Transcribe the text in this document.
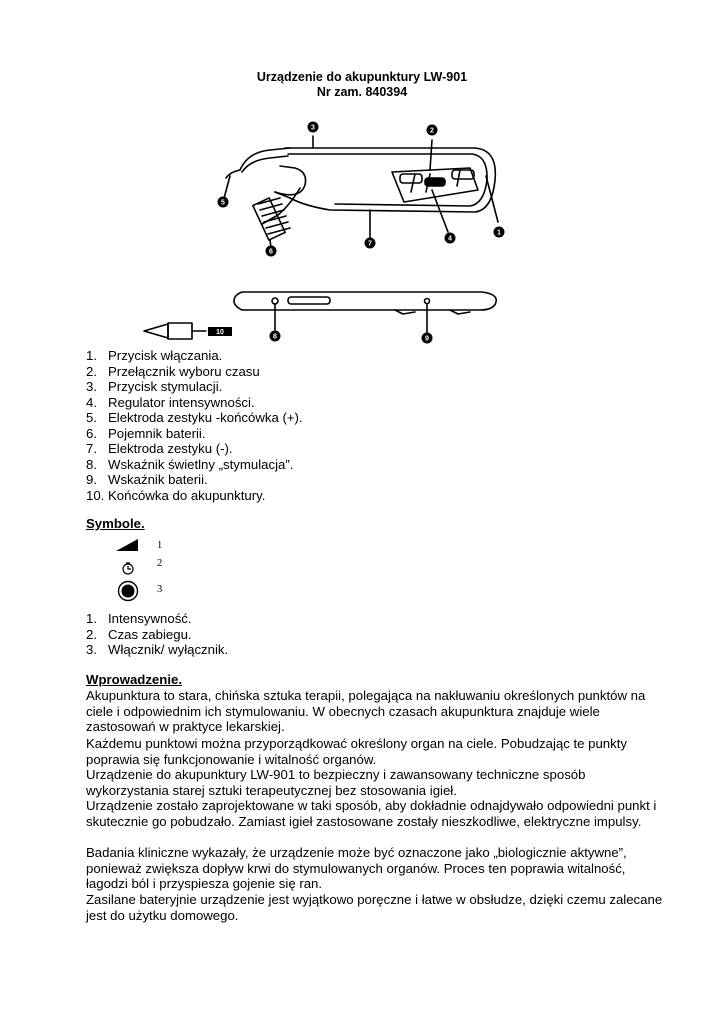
Urządzenie do akupunktury LW-901
Nr zam. 840394
3	2
5
4
1
7
6
8	9
10
1. Przycisk włączania.
2. Przełącznik wyboru czasu
3. Przycisk stymulacji.
4. Regulator intensywności.
5. Elektroda zestyku -końcówka (+).
6. Pojemnik baterii.
7. Elektroda zestyku (-).
8. Wskaźnik świetlny „stymulacja”.
9. Wskaźnik baterii.
10. Końcówka do akupunktury.
Symbole.
1
2
3
1. Intensywność.
2. Czas zabiegu.
3. Włącznik/ wyłącznik.
Wprowadzenie.

Akupunktura to stara, chińska sztuka terapii, polegająca na nakłuwaniu określonych punktów na ciele i odpowiednim ich stymulowaniu. W obecnych czasach akupunktura znajduje wiele zastosowań w praktyce lekarskiej.

Każdemu punktowi można przyporządkować określony organ na ciele. Pobudzając te punkty poprawia się funkcjonowanie i witalność organów.

Urządzenie do akupunktury LW-901 to bezpieczny i zawansowany techniczne sposób wykorzystania starej sztuki terapeutycznej bez stosowania igieł.

Urządzenie zostało zaprojektowane w taki sposób, aby dokładnie odnajdywało odpowiedni punkt i skutecznie go pobudzało. Zamiast igieł zastosowane zostały nieszkodliwe, elektryczne impulsy.

Badania kliniczne wykazały, że urządzenie może być oznaczone jako „biologicznie aktywne”, ponieważ zwiększa dopływ krwi do stymulowanych organów. Proces ten poprawia witalność, łagodzi ból i przyspiesza gojenie się ran.

Zasilane bateryjnie urządzenie jest wyjątkowo poręczne i łatwe w obsłudze, dzięki czemu zalecane jest do użytku domowego.
